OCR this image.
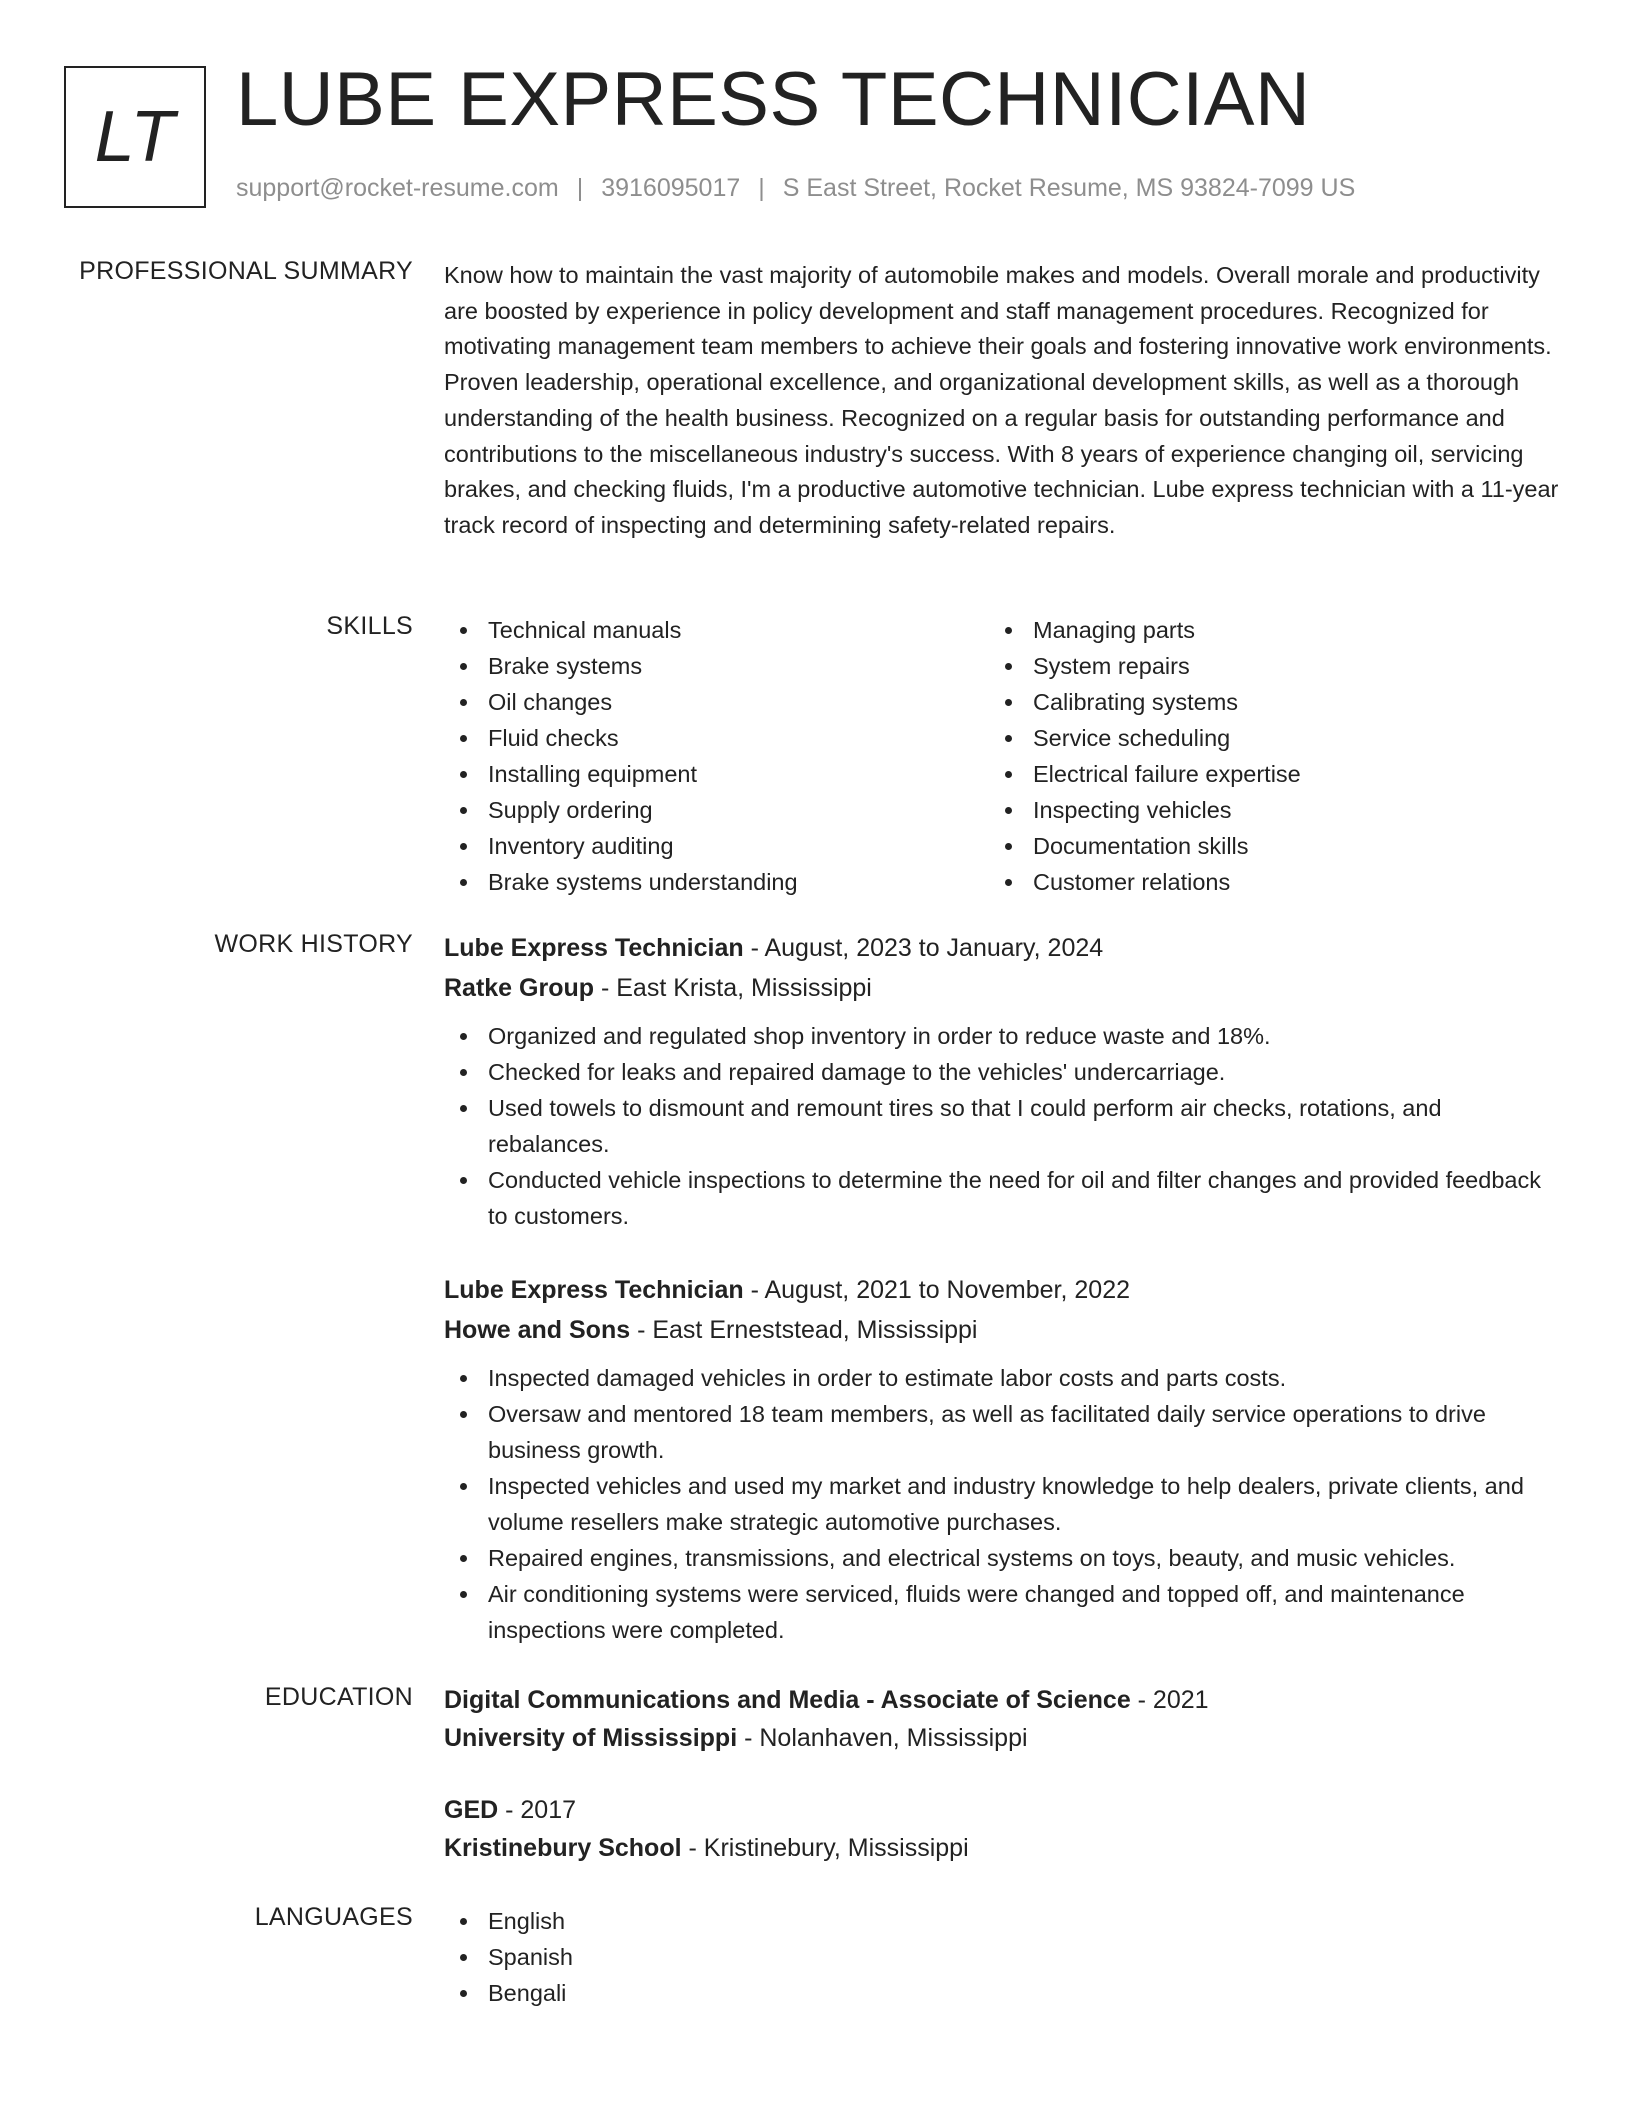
LT LUBE EXPRESS TECHNICIAN
support@rocket-resume.com | 3916095017 | S East Street, Rocket Resume, MS 93824-7099 US
PROFESSIONAL SUMMARY Know how to maintain the vast majority of automobile makes and models. Overall morale and productivity are boosted by experience in policy development and staff management procedures. Recognized for motivating management team members to achieve their goals and fostering innovative work environments. Proven leadership, operational excellence, and organizational development skills, as well as a thorough understanding of the health business. Recognized on a regular basis for outstanding performance and contributions to the miscellaneous industry's success. With 8 years of experience changing oil, servicing brakes, and checking fluids, I'm a productive automotive technician. Lube express technician with a 11-year track record of inspecting and determining safety-related repairs.
SKILLS	Technical manuals
Brake systems
Oil changes
Fluid checks
Installing equipment
Supply ordering
Inventory auditing
Brake systems understanding
Managing parts
System repairs
Calibrating systems
Service scheduling
Electrical failure expertise
Inspecting vehicles
Documentation skills
Customer relations
WORK HISTORY Lube Express Technician - August, 2023 to January, 2024
Ratke Group - East Krista, Mississippi
Organized and regulated shop inventory in order to reduce waste and 18%.
Checked for leaks and repaired damage to the vehicles' undercarriage.
Used towels to dismount and remount tires so that I could perform air checks, rotations, and rebalances.
Conducted vehicle inspections to determine the need for oil and filter changes and provided feedback to customers.
Lube Express Technician - August, 2021 to November, 2022
Howe and Sons - East Erneststead, Mississippi
Inspected damaged vehicles in order to estimate labor costs and parts costs.
Oversaw and mentored 18 team members, as well as facilitated daily service operations to drive business growth.
Inspected vehicles and used my market and industry knowledge to help dealers, private clients, and volume resellers make strategic automotive purchases.
Repaired engines, transmissions, and electrical systems on toys, beauty, and music vehicles.
Air conditioning systems were serviced, fluids were changed and topped off, and maintenance inspections were completed.
EDUCATION Digital Communications and Media - Associate of Science - 2021
University of Mississippi - Nolanhaven, Mississippi
GED - 2017
Kristinebury School - Kristinebury, Mississippi
LANGUAGES	English
Spanish
Bengali
